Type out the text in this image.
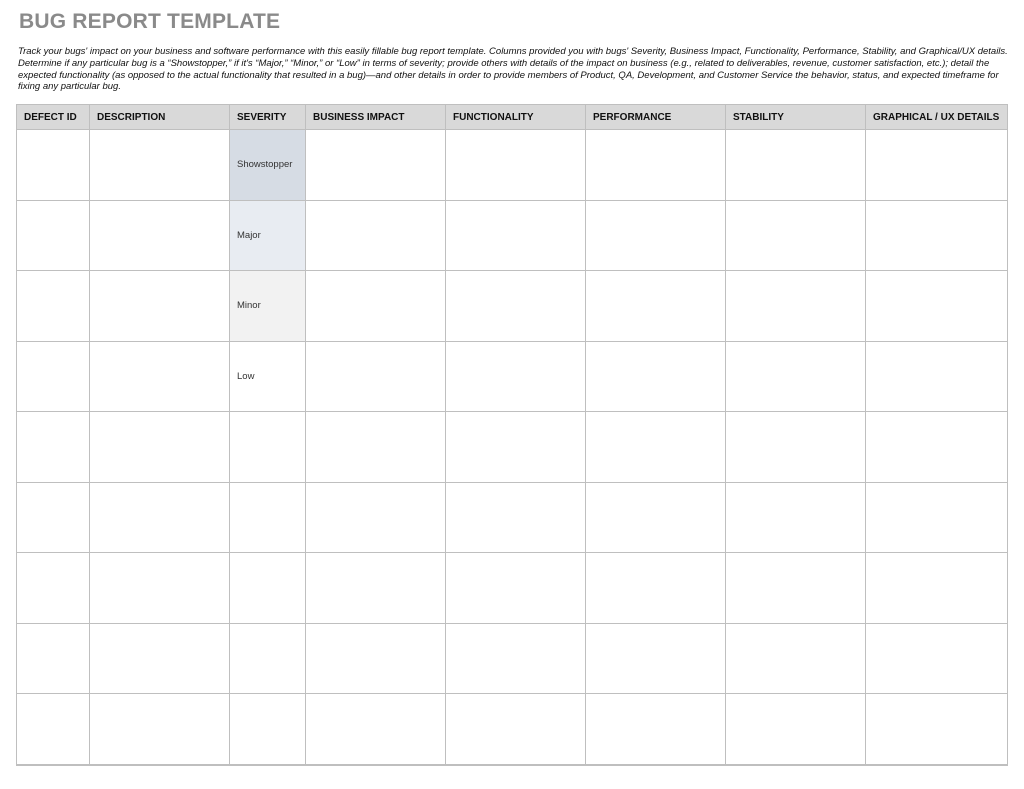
BUG REPORT TEMPLATE

Track your bugs' impact on your business and software performance with this easily fillable bug report template. Columns provided you with bugs' Severity, Business Impact, Functionality, Performance, Stability, and Graphical/UX details. Determine if any particular bug is a “Showstopper,” if it's “Major,” “Minor,” or “Low” in terms of severity; provide others with details of the impact on business (e.g., related to deliverables, revenue, customer satisfaction, etc.); detail the expected functionality (as opposed to the actual functionality that resulted in a bug)—and other details in order to provide members of Product, QA, Development, and Customer Service the behavior, status, and expected timeframe for fixing any particular bug.

DEFECT ID	DESCRIPTION	SEVERITY	BUSINESS IMPACT	FUNCTIONALITY	PERFORMANCE	STABILITY	GRAPHICAL / UX DETAILS
		Showstopper					
		Major					
		Minor					
		Low					
